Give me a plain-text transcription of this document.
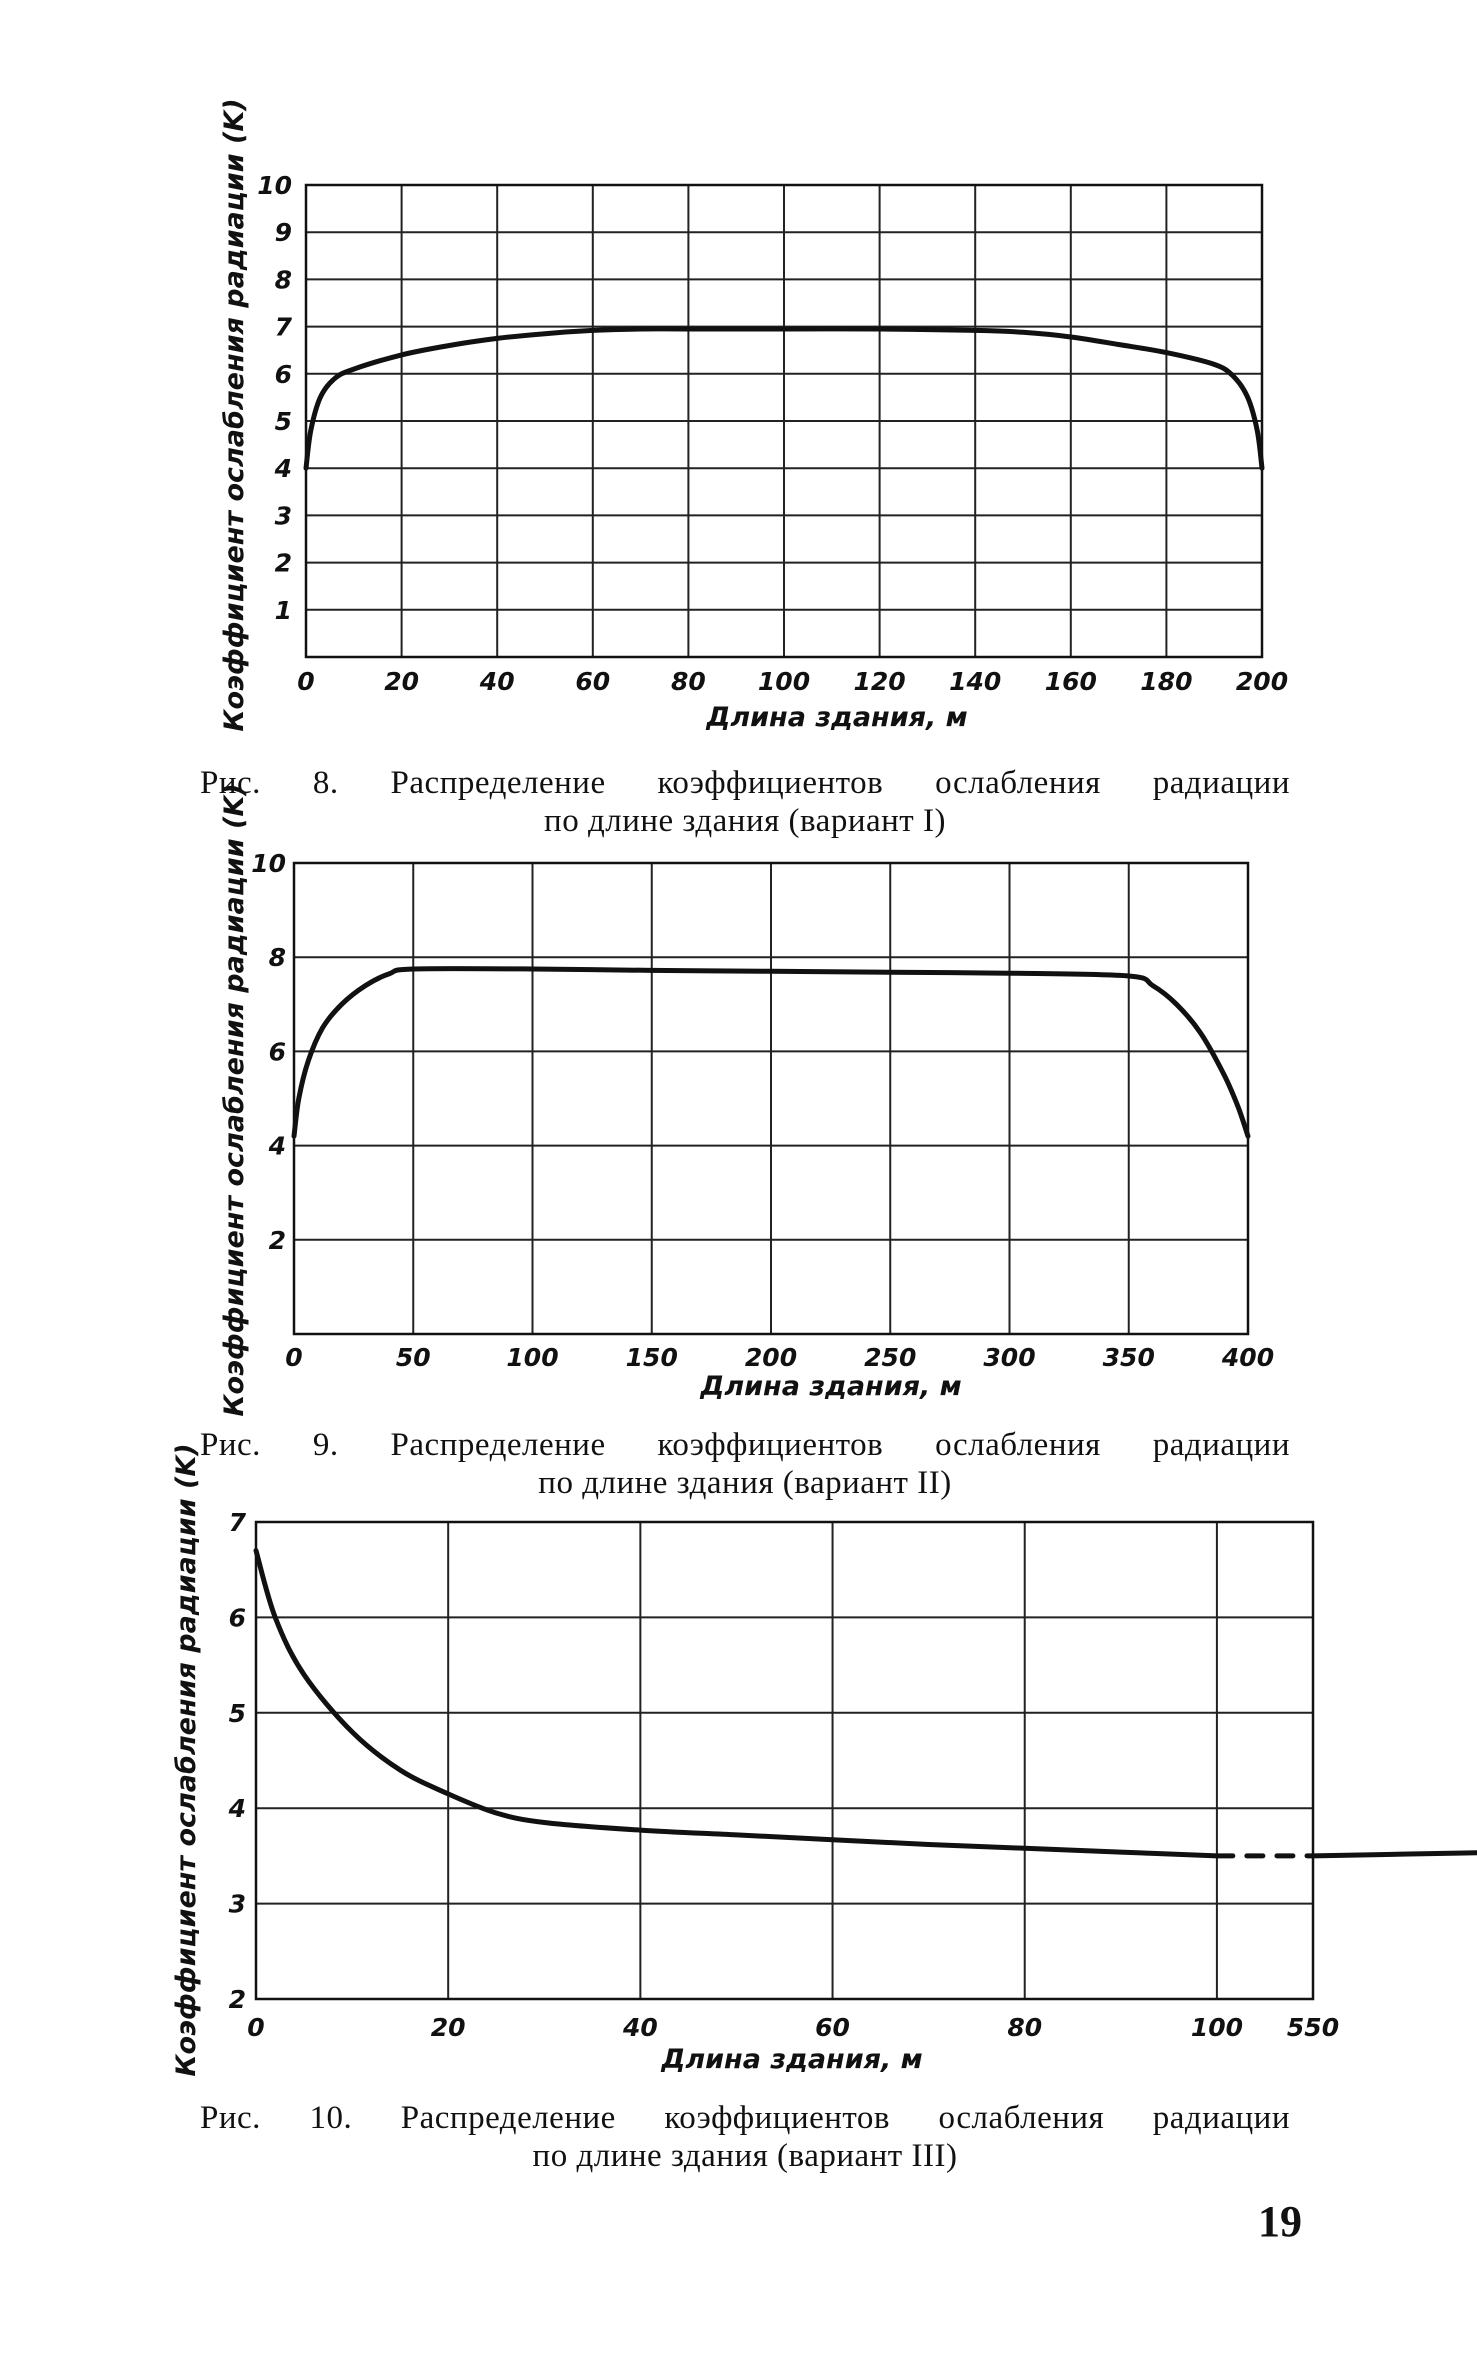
1
2
3
4
5
6
7
8
9
10
0	20 40 60 80 100 120 140 160 180 200
Длина здания, м
Коэффициент ослабления радиации (K)
Рис. 8. Распределение коэффициентов ослабления радиации
по длине здания (вариант I)
2
4
6
8
10
0	50	100	150	200	250	300	350	400
Длина здания, м
Коэффициент ослабления радиации (K)
Рис. 9. Распределение коэффициентов ослабления радиации
по длине здания (вариант II)
2
3
4
5
6
7
0	20	40	60	80	100 550
Длина здания, м
Коэффициент ослабления радиации (K)
Рис. 10. Распределение коэффициентов ослабления радиации
по длине здания (вариант III)
19
